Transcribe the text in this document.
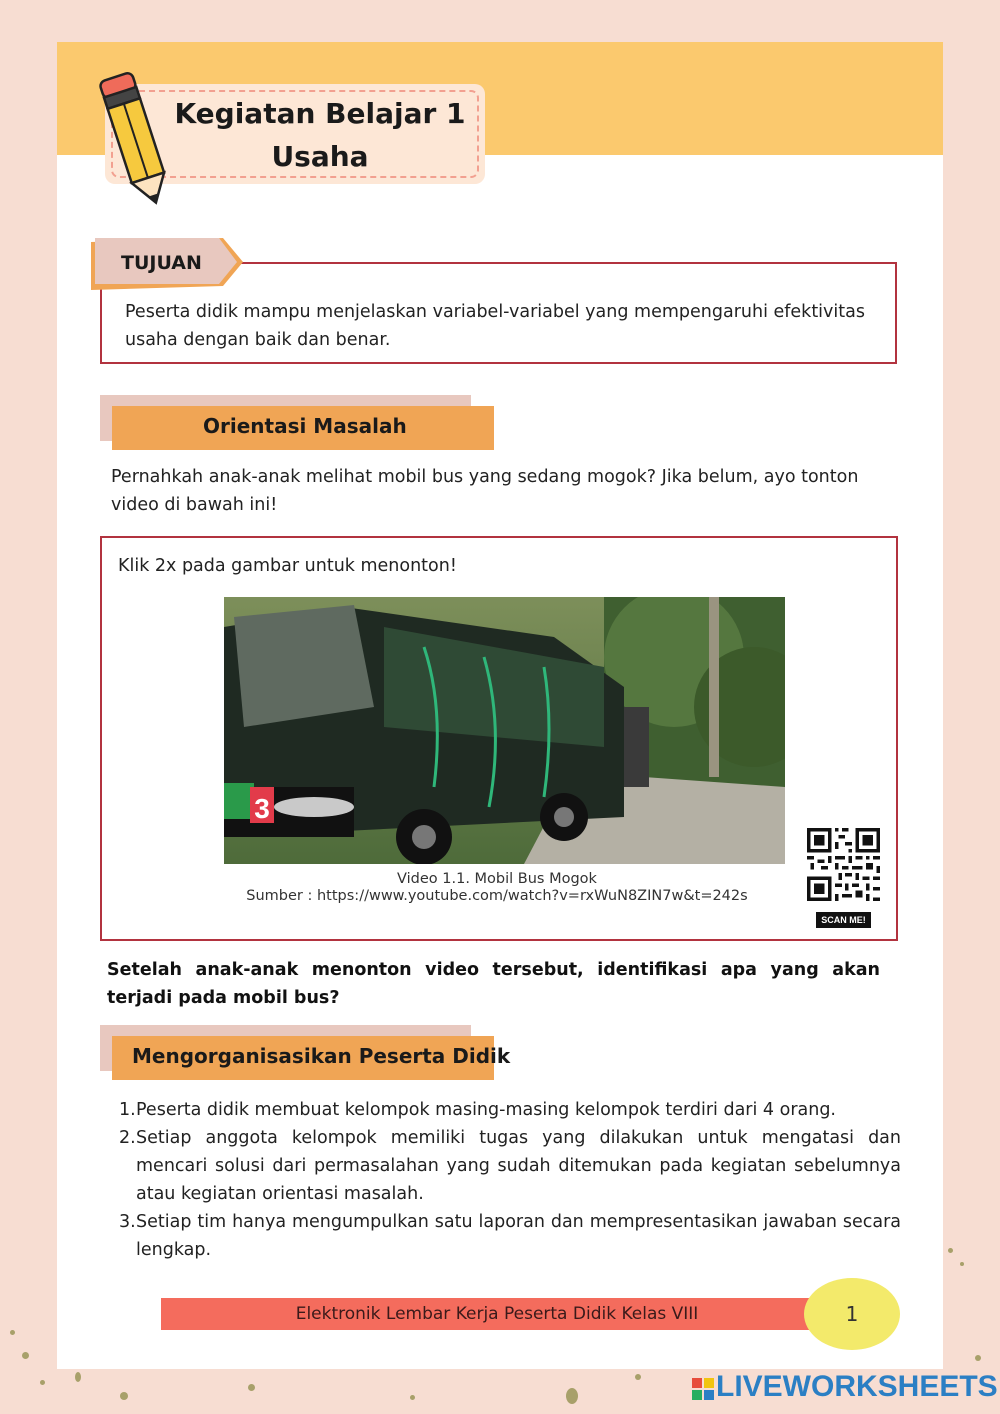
Kegiatan Belajar 1
Usaha
TUJUAN
Peserta didik mampu menjelaskan variabel-variabel yang mempengaruhi efektivitas usaha dengan baik dan benar.
Orientasi Masalah
Pernahkah anak-anak melihat mobil bus yang sedang mogok? Jika belum, ayo tonton video di bawah ini!
Klik 2x pada gambar untuk menonton!
3
Video 1.1. Mobil Bus Mogok
Sumber : https://www.youtube.com/watch?v=rxWuN8ZIN7w&t=242s
SCAN ME!
Setelah anak-anak menonton video tersebut, identifikasi apa yang akan terjadi pada mobil bus?
Mengorganisasikan Peserta Didik
1. Peserta didik membuat kelompok masing-masing kelompok terdiri dari 4 orang.
2. Setiap anggota kelompok memiliki tugas yang dilakukan untuk mengatasi dan mencari solusi dari permasalahan yang sudah ditemukan pada kegiatan sebelumnya atau kegiatan orientasi masalah.
3. Setiap tim hanya mengumpulkan satu laporan dan mempresentasikan jawaban secara lengkap.
Elektronik Lembar Kerja Peserta Didik Kelas VIII	1
LIVEWORKSHEETS
